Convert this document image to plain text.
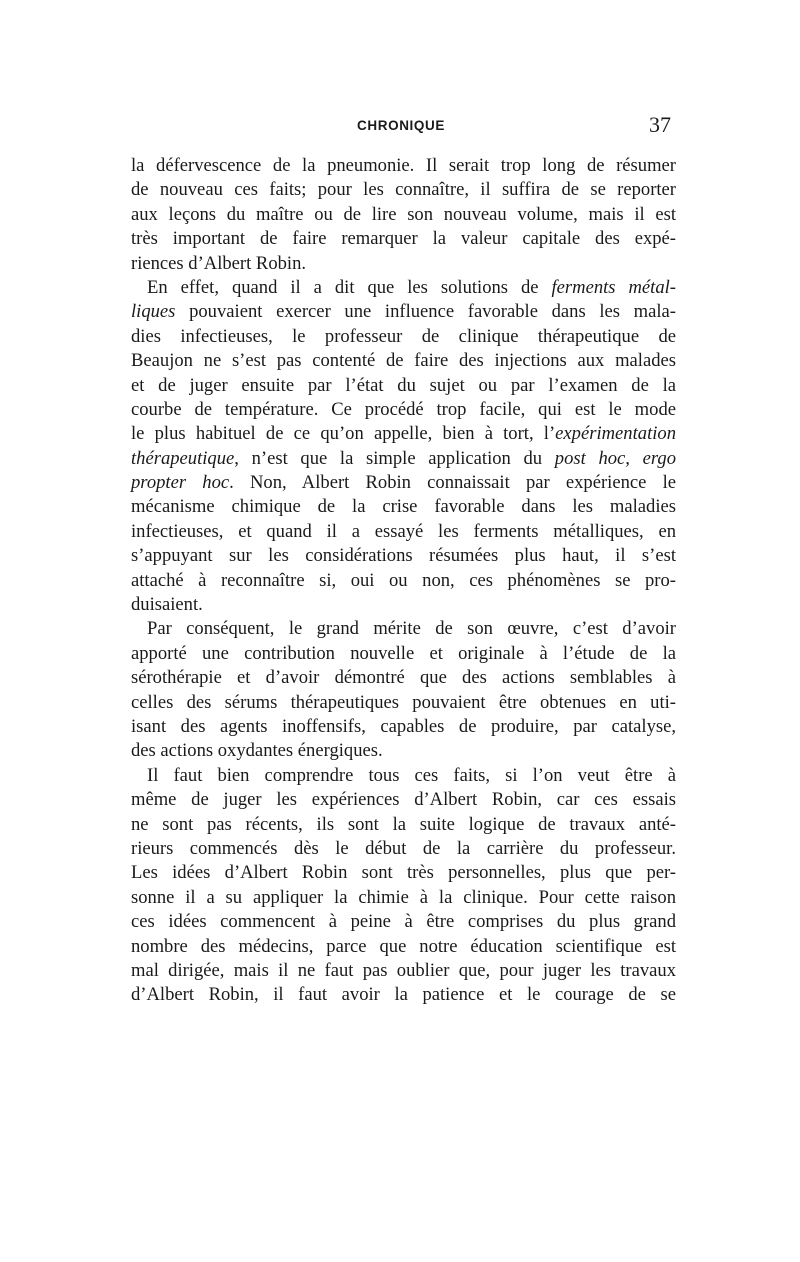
CHRONIQUE	37
la défervescence de la pneumonie. Il serait trop long de résumer
de nouveau ces faits; pour les connaître, il suffira de se reporter
aux leçons du maître ou de lire son nouveau volume, mais il est
très important de faire remarquer la valeur capitale des expé-
riences d’Albert Robin.
En effet, quand il a dit que les solutions de ferments métal-
liques pouvaient exercer une influence favorable dans les mala-
dies infectieuses, le professeur de clinique thérapeutique de
Beaujon ne s’est pas contenté de faire des injections aux malades
et de juger ensuite par l’état du sujet ou par l’examen de la
courbe de température. Ce procédé trop facile, qui est le mode
le plus habituel de ce qu’on appelle, bien à tort, l’expérimentation
thérapeutique, n’est que la simple application du post hoc, ergo
propter hoc. Non, Albert Robin connaissait par expérience le
mécanisme chimique de la crise favorable dans les maladies
infectieuses, et quand il a essayé les ferments métalliques, en
s’appuyant sur les considérations résumées plus haut, il s’est
attaché à reconnaître si, oui ou non, ces phénomènes se pro-
duisaient.
Par conséquent, le grand mérite de son œuvre, c’est d’avoir
apporté une contribution nouvelle et originale à l’étude de la
sérothérapie et d’avoir démontré que des actions semblables à
celles des sérums thérapeutiques pouvaient être obtenues en uti-
isant des agents inoffensifs, capables de produire, par catalyse,
des actions oxydantes énergiques.
Il faut bien comprendre tous ces faits, si l’on veut être à
même de juger les expériences d’Albert Robin, car ces essais
ne sont pas récents, ils sont la suite logique de travaux anté-
rieurs commencés dès le début de la carrière du professeur.
Les idées d’Albert Robin sont très personnelles, plus que per-
sonne il a su appliquer la chimie à la clinique. Pour cette raison
ces idées commencent à peine à être comprises du plus grand
nombre des médecins, parce que notre éducation scientifique est
mal dirigée, mais il ne faut pas oublier que, pour juger les travaux
d’Albert Robin, il faut avoir la patience et le courage de se
